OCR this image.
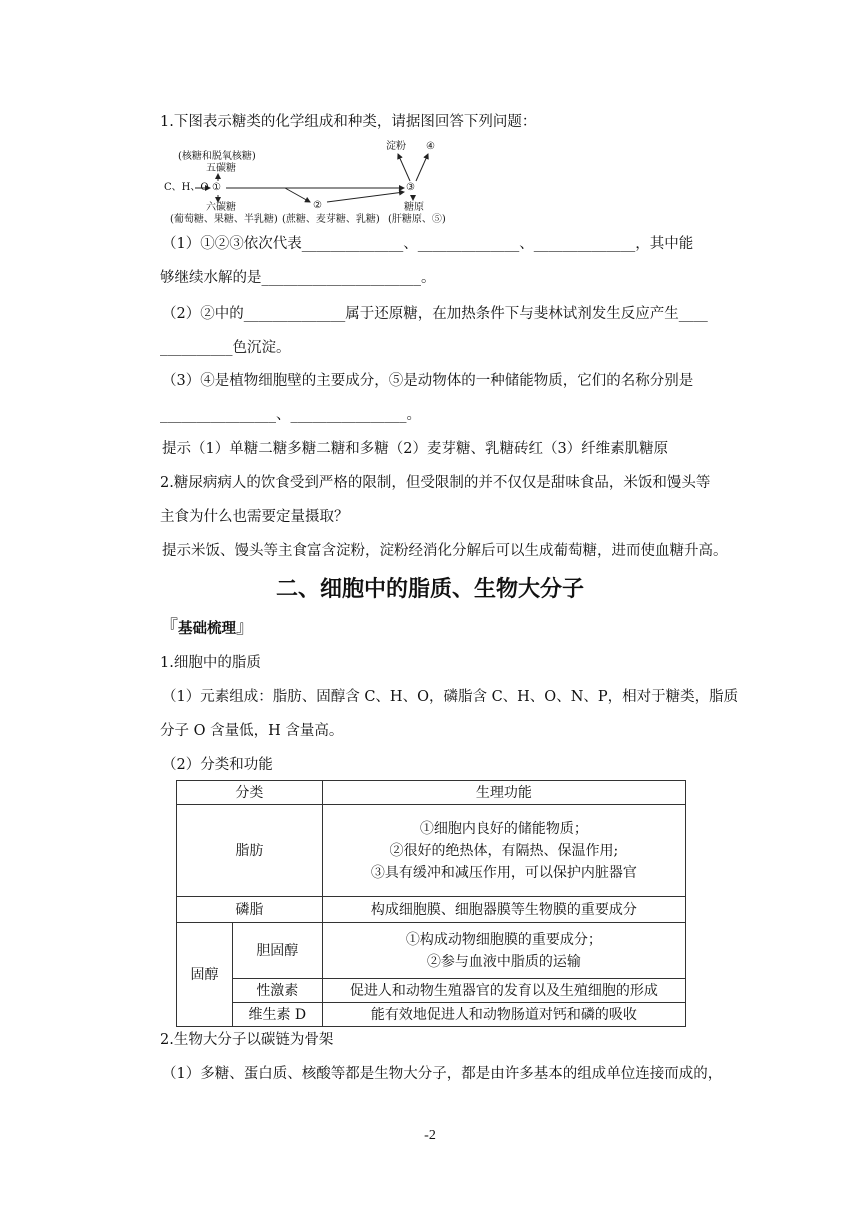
1.下图表示糖类的化学组成和种类，请据图回答下列问题：
(核糖和脱氧核糖)
五碳糖
C、H、O ①
六碳糖
(葡萄糖、果糖、半乳糖)
②
(蔗糖、麦芽糖、乳糖)
③
淀粉 ④
糖原
(肝糖原、⑤)
（1）①②③依次代表______________、______________、______________，其中能
够继续水解的是______________________。
（2）②中的______________属于还原糖，在加热条件下与斐林试剂发生反应产生____
__________色沉淀。
（3）④是植物细胞壁的主要成分，⑤是动物体的一种储能物质，它们的名称分别是
________________、________________。
提示（1）单糖二糖多糖二糖和多糖（2）麦芽糖、乳糖砖红（3）纤维素肌糖原
2.糖尿病病人的饮食受到严格的限制，但受限制的并不仅仅是甜味食品，米饭和馒头等
主食为什么也需要定量摄取？
提示米饭、馒头等主食富含淀粉，淀粉经消化分解后可以生成葡萄糖，进而使血糖升高。
二、细胞中的脂质、生物大分子
『基础梳理』
1.细胞中的脂质
（1）元素组成：脂肪、固醇含 C、H、O，磷脂含 C、H、O、N、P，相对于糖类，脂质
分子 O 含量低，H 含量高。
（2）分类和功能
分类		生理功能
脂肪		①细胞内良好的储能物质；
②很好的绝热体，有隔热、保温作用;
③具有缓冲和减压作用，可以保护内脏器官

磷脂		构成细胞膜、细胞器膜等生物膜的重要成分
固醇	胆固醇	①构成动物细胞膜的重要成分；
②参与血液中脂质的运输

	性激素	促进人和动物生殖器官的发育以及生殖细胞的形成
	维生素 D	能有效地促进人和动物肠道对钙和磷的吸收
2.生物大分子以碳链为骨架
（1）多糖、蛋白质、核酸等都是生物大分子，都是由许多基本的组成单位连接而成的，
-2
